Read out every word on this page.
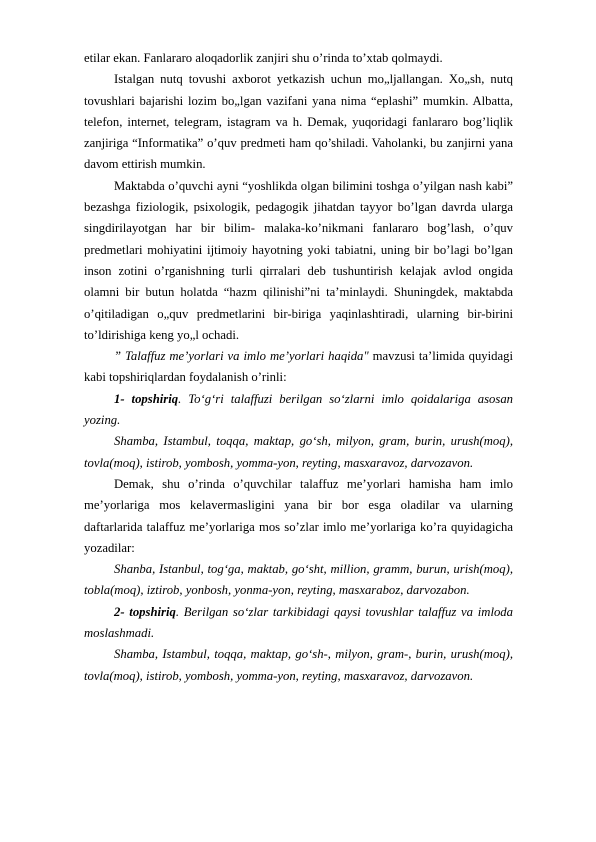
etilar ekan. Fanlararo aloqadorlik zanjiri shu o’rinda to’xtab qolmaydi.

Istalgan nutq tovushi axborot yetkazish uchun mo„ljallangan. Xo„sh, nutq tovushlari bajarishi lozim bo„lgan vazifani yana nima “eplashi” mumkin. Albatta, telefon, internet, telegram, istagram va h. Demak, yuqoridagi fanlararo bog’liqlik zanjiriga “Informatika” o’quv predmeti ham qo’shiladi. Vaholanki, bu zanjirni yana davom ettirish mumkin.

Maktabda o’quvchi ayni “yoshlikda olgan bilimini toshga o’yilgan nash kabi” bezashga fiziologik, psixologik, pedagogik jihatdan tayyor bo’lgan davrda ularga singdirilayotgan har bir bilim- malaka-ko’nikmani fanlararo bog’lash, o’quv predmetlari mohiyatini ijtimoiy hayotning yoki tabiatni, uning bir bo’lagi bo’lgan inson zotini o’rganishning turli qirralari deb tushuntirish kelajak avlod ongida olamni bir butun holatda “hazm qilinishi”ni ta’minlaydi. Shuningdek, maktabda o’qitiladigan o„quv predmetlarini bir-biriga yaqinlashtiradi, ularning bir-birini to’ldirishiga keng yo„l ochadi.

” Talaffuz me’yorlari va imlo me’yorlari haqida" mavzusi ta’limida quyidagi kabi topshiriqlardan foydalanish o’rinli:

1- topshiriq. To‘g‘ri talaffuzi berilgan so‘zlarni imlo qoidalariga asosan yozing.

Shamba, Istambul, toqqa, maktap, go‘sh, milyon, gram, burin, urush(moq), tovla(moq), istirob, yombosh, yomma-yon, reyting, masxaravoz, darvozavon.

Demak, shu o’rinda o’quvchilar talaffuz me’yorlari hamisha ham imlo me’yorlariga mos kelavermasligini yana bir bor esga oladilar va ularning daftarlarida talaffuz me’yorlariga mos so’zlar imlo me’yorlariga ko’ra quyidagicha yozadilar:

Shanba, Istanbul, tog‘ga, maktab, go‘sht, million, gramm, burun, urish(moq), tobla(moq), iztirob, yonbosh, yonma-yon, reyting, masxaraboz, darvozabon.

2- topshiriq. Berilgan so‘zlar tarkibidagi qaysi tovushlar talaffuz va imloda moslashmadi.

Shamba, Istambul, toqqa, maktap, go‘sh-, milyon, gram-, burin, urush(moq), tovla(moq), istirob, yombosh, yomma-yon, reyting, masxaravoz, darvozavon.
